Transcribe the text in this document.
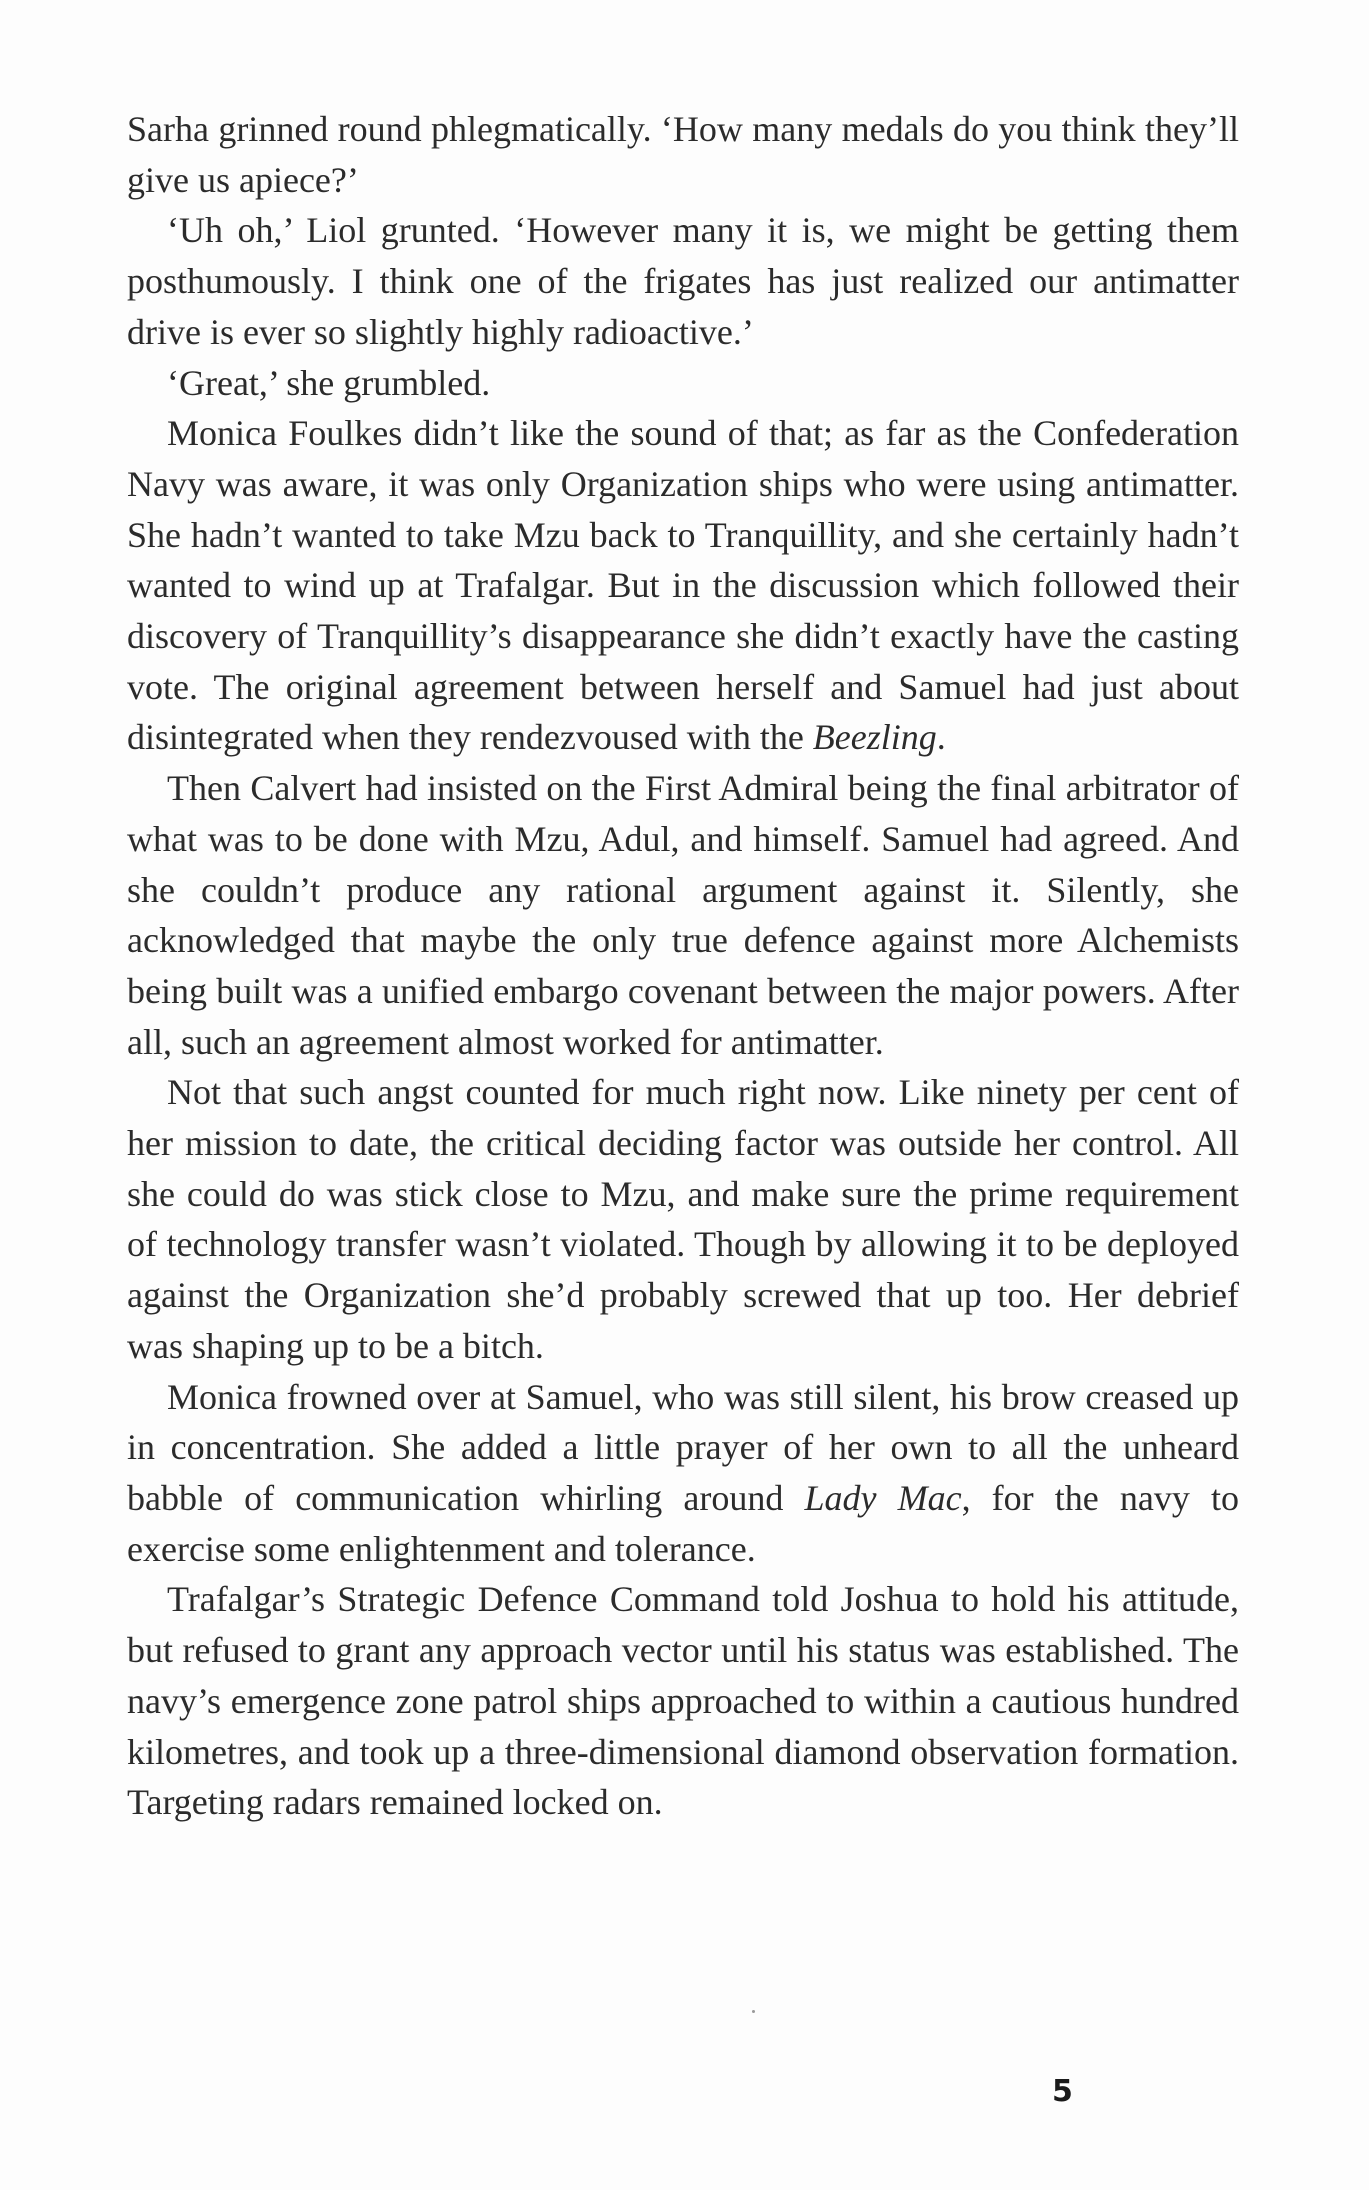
Sarha grinned round phlegmatically. ‘How many medals do you think they’ll give us apiece?’

‘Uh oh,’ Liol grunted. ‘However many it is, we might be getting them posthumously. I think one of the frigates has just realized our antimatter drive is ever so slightly highly radioactive.’

‘Great,’ she grumbled.

Monica Foulkes didn’t like the sound of that; as far as the Confederation Navy was aware, it was only Organization ships who were using antimatter. She hadn’t wanted to take Mzu back to Tranquillity, and she certainly hadn’t wanted to wind up at Trafalgar. But in the discussion which followed their discovery of Tranquillity’s disappearance she didn’t exactly have the casting vote. The original agreement between herself and Samuel had just about disintegrated when they rendezvoused with the Beezling.

Then Calvert had insisted on the First Admiral being the final arbitrator of what was to be done with Mzu, Adul, and himself. Samuel had agreed. And she couldn’t produce any rational argument against it. Silently, she acknowledged that maybe the only true defence against more Alchemists being built was a unified embargo covenant between the major powers. After all, such an agreement almost worked for antimatter.

Not that such angst counted for much right now. Like ninety per cent of her mission to date, the critical deciding factor was outside her control. All she could do was stick close to Mzu, and make sure the prime requirement of technology transfer wasn’t violated. Though by allowing it to be deployed against the Organization she’d probably screwed that up too. Her debrief was shaping up to be a bitch.

Monica frowned over at Samuel, who was still silent, his brow creased up in concentration. She added a little prayer of her own to all the unheard babble of communication whirling around Lady Mac, for the navy to exercise some enlightenment and tolerance.

Trafalgar’s Strategic Defence Command told Joshua to hold his attitude, but refused to grant any approach vector until his status was established. The navy’s emergence zone patrol ships approached to within a cautious hundred kilometres, and took up a three-dimensional diamond observation formation. Targeting radars remained locked on.

5
